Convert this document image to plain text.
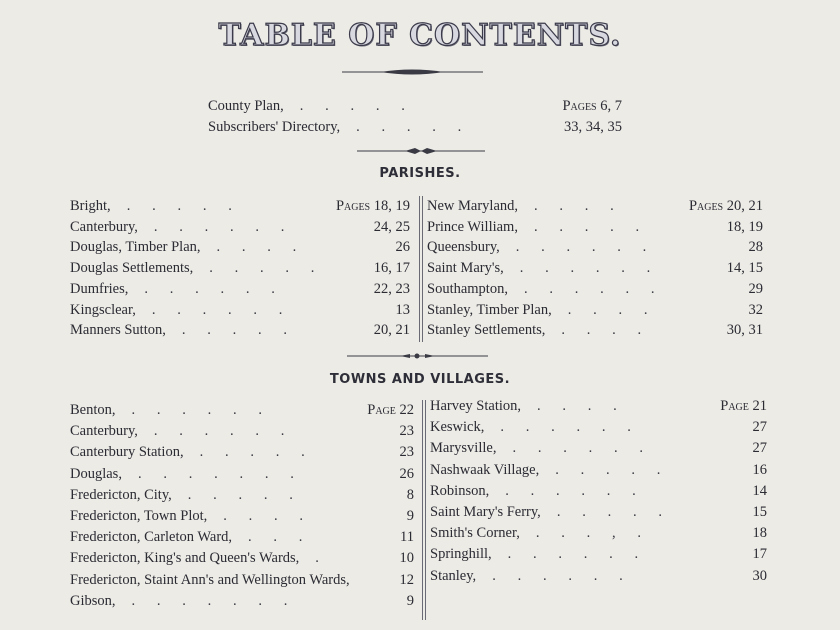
TABLE OF CONTENTS.
County Plan, .      .      .      .      .	Pages 6, 7
Subscribers' Directory, .      .      .      .      .	33, 34, 35
PARISHES.
Bright, .      .      .      .      .	Pages 18, 19
Canterbury, .      .      .      .      .      .	24, 25
Douglas, Timber Plan, .      .      .      .	26
Douglas Settlements, .      .      .      .      .	16, 17
Dumfries, .      .      .      .      .      .	22, 23
Kingsclear, .      .      .      .      .      .	13
Manners Sutton, .      .      .      .      .	20, 21
New Maryland, .      .      .      .	Pages 20, 21
Prince William, .      .      .      .      .	18, 19
Queensbury, .      .      .      .      .      .	28
Saint Mary's, .      .      .      .      .      .	14, 15
Southampton, .      .      .      .      .      .	29
Stanley, Timber Plan, .      .      .      .	32
Stanley Settlements, .      .      .      .	30, 31
TOWNS AND VILLAGES.
Benton, .      .      .      .      .      .	Page 22
Canterbury, .      .      .      .      .      .	23
Canterbury Station, .      .      .      .      .	23
Douglas, .      .      .      .      .      .      .	26
Fredericton, City, .      .      .      .      .	8
Fredericton, Town Plot, .      .      .      .	9
Fredericton, Carleton Ward, .      .      .	11
Fredericton, King's and Queen's Wards, .	10
Fredericton, Staint Ann's and Wellington Wards,	12
Gibson, .      .      .      .      .      .      .	9
Harvey Station, .      .      .      .	Page 21
Keswick, .      .      .      .      .      .	27
Marysville, .      .      .      .      .      .	27
Nashwaak Village, .      .      .      .      .	16
Robinson, .      .      .      .      .      .	14
Saint Mary's Ferry, .      .      .      .      .	15
Smith's Corner, .      .      .      ,      .	18
Springhill, .      .      .      .      .      .	17
Stanley, .      .      .      .      .      .	30
